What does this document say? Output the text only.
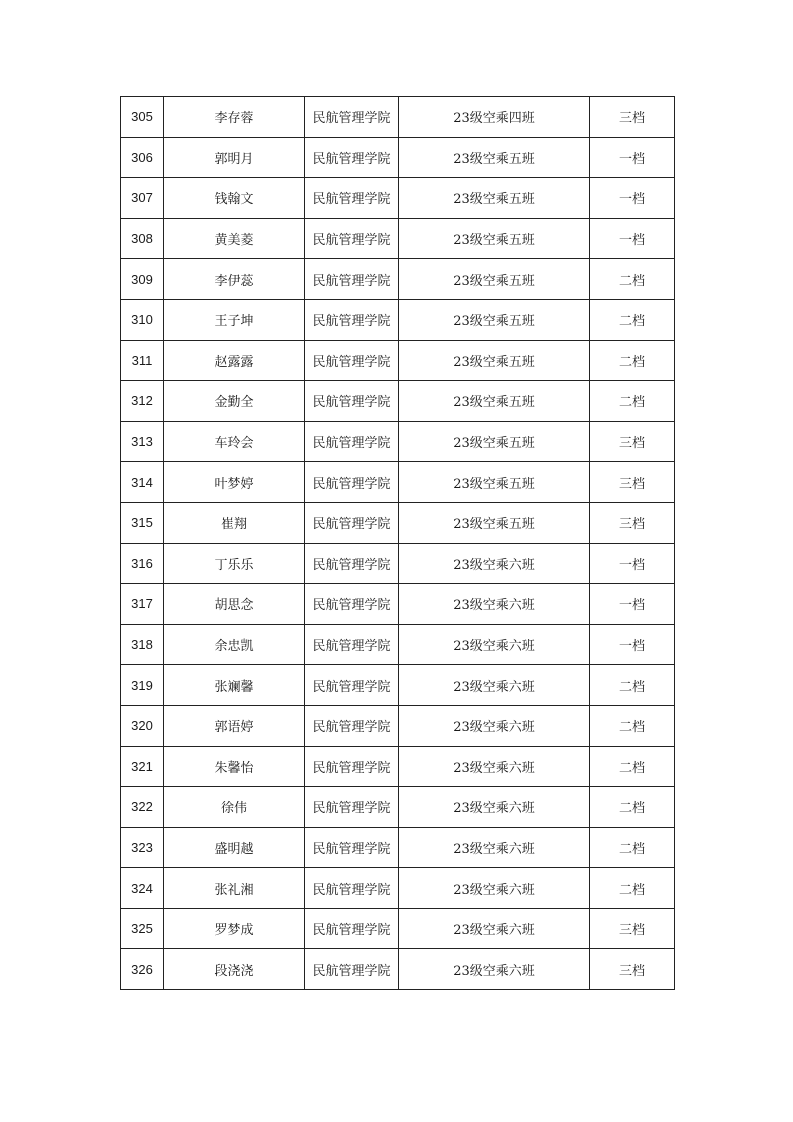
305	李存蓉	民航管理学院	23级空乘四班	三档
306	郭明月	民航管理学院	23级空乘五班	一档
307	钱翰文	民航管理学院	23级空乘五班	一档
308	黄美菱	民航管理学院	23级空乘五班	一档
309	李伊蕊	民航管理学院	23级空乘五班	二档
310	王子坤	民航管理学院	23级空乘五班	二档
311	赵露露	民航管理学院	23级空乘五班	二档
312	金勤全	民航管理学院	23级空乘五班	二档
313	车玲会	民航管理学院	23级空乘五班	三档
314	叶梦婷	民航管理学院	23级空乘五班	三档
315	崔翔	民航管理学院	23级空乘五班	三档
316	丁乐乐	民航管理学院	23级空乘六班	一档
317	胡思念	民航管理学院	23级空乘六班	一档
318	余忠凯	民航管理学院	23级空乘六班	一档
319	张斓馨	民航管理学院	23级空乘六班	二档
320	郭语婷	民航管理学院	23级空乘六班	二档
321	朱馨怡	民航管理学院	23级空乘六班	二档
322	徐伟	民航管理学院	23级空乘六班	二档
323	盛明越	民航管理学院	23级空乘六班	二档
324	张礼湘	民航管理学院	23级空乘六班	二档
325	罗梦成	民航管理学院	23级空乘六班	三档
326	段浇浇	民航管理学院	23级空乘六班	三档
